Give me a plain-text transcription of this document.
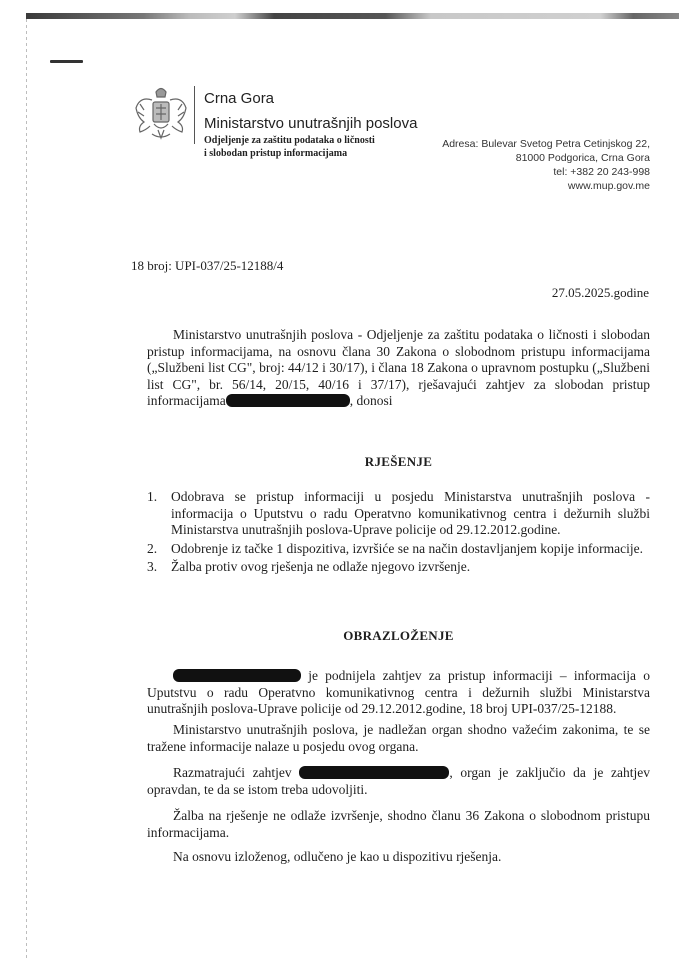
Crna Gora
Ministarstvo unutrašnjih poslova
Odjeljenje za zaštitu podataka o ličnosti
i slobodan pristup informacijama
Adresa: Bulevar Svetog Petra Cetinjskog 22,
81000 Podgorica, Crna Gora
tel: +382 20 243-998
www.mup.gov.me
18 broj: UPI-037/25-12188/4
27.05.2025.godine

Ministarstvo unutrašnjih poslova - Odjeljenje za zaštitu podataka o ličnosti i slobodan pristup informacijama, na osnovu člana 30 Zakona o slobodnom pristupu informacijama („Službeni list CG", broj: 44/12 i 30/17), i člana 18 Zakona o upravnom postupku („Službeni list CG", br. 56/14, 20/15, 40/16 i 37/17), rješavajući zahtjev za slobodan pristup informacijama	, donosi

RJEŠENJE
1. Odobrava se pristup informaciji u posjedu Ministarstva unutrašnjih poslova - informacija o Uputstvu o radu Operatvno komunikativnog centra i dežurnih službi Ministarstva unutrašnjih poslova-Uprave policije od 29.12.2012.godine.
2. Odobrenje iz tačke 1 dispozitiva, izvršiće se na način dostavljanjem kopije informacije.
3. Žalba protiv ovog rješenja ne odlaže njegovo izvršenje.
OBRAZLOŽENJE

je podnijela zahtjev za pristup informaciji – informacija o Uputstvu o radu Operatvno komunikativnog centra i dežurnih službi Ministarstva unutrašnjih poslova-Uprave policije od 29.12.2012.godine, 18 broj UPI-037/25-12188.

Ministarstvo unutrašnjih poslova, je nadležan organ shodno važećim zakonima, te se tražene informacije nalaze u posjedu ovog organa.

Razmatrajući zahtjev	, organ je zaključio da je zahtjev opravdan, te da se istom treba udovoljiti.

Žalba na rješenje ne odlaže izvršenje, shodno članu 36 Zakona o slobodnom pristupu informacijama.

Na osnovu izloženog, odlučeno je kao u dispozitivu rješenja.
